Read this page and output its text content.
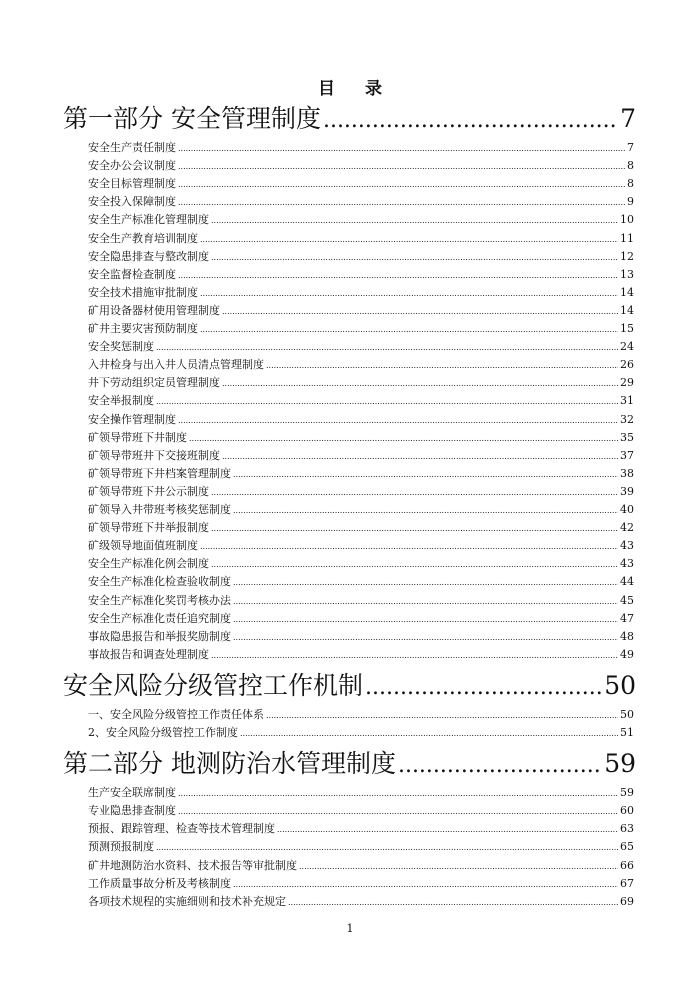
目 录
第一部分 安全管理制度 .....	7
安全生产责任制度 .....	7
安全办公会议制度 .....	8
安全目标管理制度 .....	8
安全投入保障制度 .....	9
安全生产标准化管理制度 .....	10
安全生产教育培训制度 .....	11
安全隐患排查与整改制度 .....	12
安全监督检查制度 .....	13
安全技术措施审批制度 .....	14
矿用设备器材使用管理制度 .....	14
矿井主要灾害预防制度 .....	15
安全奖惩制度 .....	24
入井检身与出入井人员清点管理制度 .....	26
井下劳动组织定员管理制度 .....	29
安全举报制度 .....	31
安全操作管理制度 .....	32
矿领导带班下井制度 .....	35
矿领导带班井下交接班制度 .....	37
矿领导带班下井档案管理制度 .....	38
矿领导带班下井公示制度 .....	39
矿领导入井带班考核奖惩制度 .....	40
矿领导带班下井举报制度 .....	42
矿级领导地面值班制度 .....	43
安全生产标准化例会制度 .....	43
安全生产标准化检查验收制度 .....	44
安全生产标准化奖罚考核办法 .....	45
安全生产标准化责任追究制度 .....	47
事故隐患报告和举报奖励制度 .....	48
事故报告和调查处理制度 .....	49
安全风险分级管控工作机制 .....	50
一、安全风险分级管控工作责任体系 .....	50
2、安全风险分级管控工作制度 .....	51
第二部分 地测防治水管理制度 .....	59
生产安全联席制度 .....	59
专业隐患排查制度 .....	60
预报、跟踪管理、检查等技术管理制度 .....	63
预测预报制度 .....	65
矿井地测防治水资料、技术报告等审批制度 .....	66
工作质量事故分析及考核制度 .....	67
各项技术规程的实施细则和技术补充规定 .....	69
1
